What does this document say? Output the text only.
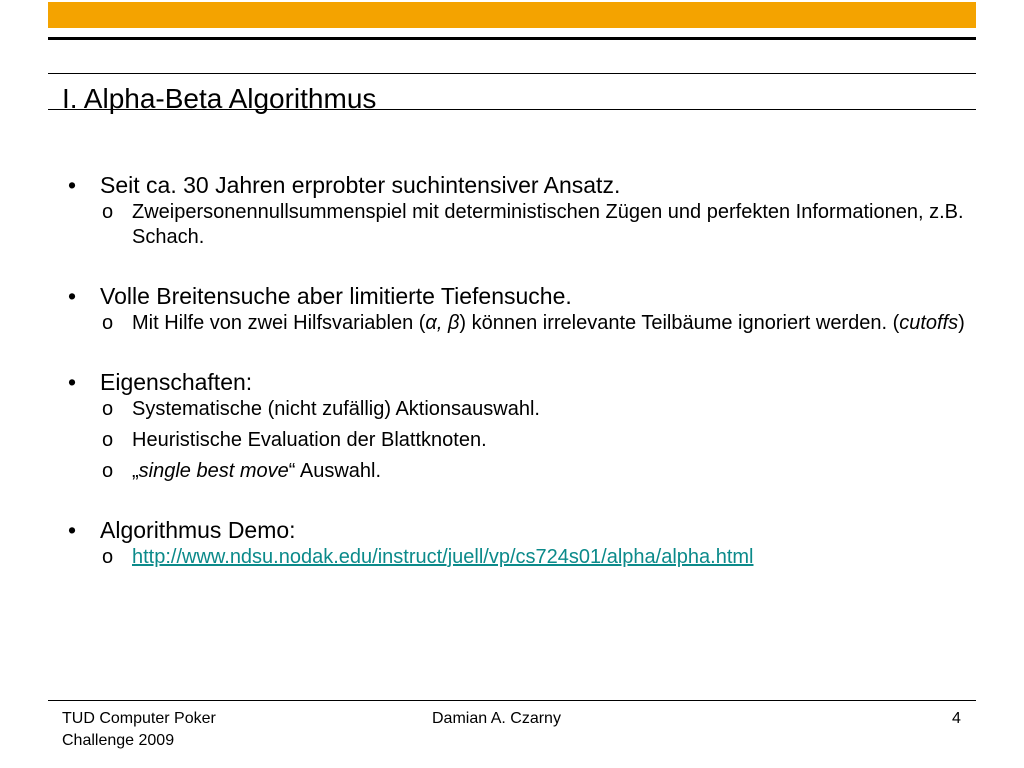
I. Alpha-Beta Algorithmus
•	Seit ca. 30 Jahren erprobter suchintensiver Ansatz.
o Zweipersonennullsummenspiel mit deterministischen Zügen und perfekten Informationen, z.B. Schach.
•	Volle Breitensuche aber limitierte Tiefensuche.
o Mit Hilfe von zwei Hilfsvariablen (α, β) können irrelevante Teilbäume ignoriert werden. (cutoffs)
•	Eigenschaften:
o Systematische (nicht zufällig) Aktionsauswahl.
o Heuristische Evaluation der Blattknoten.
o „single best move“ Auswahl.
•	Algorithmus Demo:
o http://www.ndsu.nodak.edu/instruct/juell/vp/cs724s01/alpha/alpha.html
TUD Computer Poker
Challenge 2009
Damian A. Czarny	4
